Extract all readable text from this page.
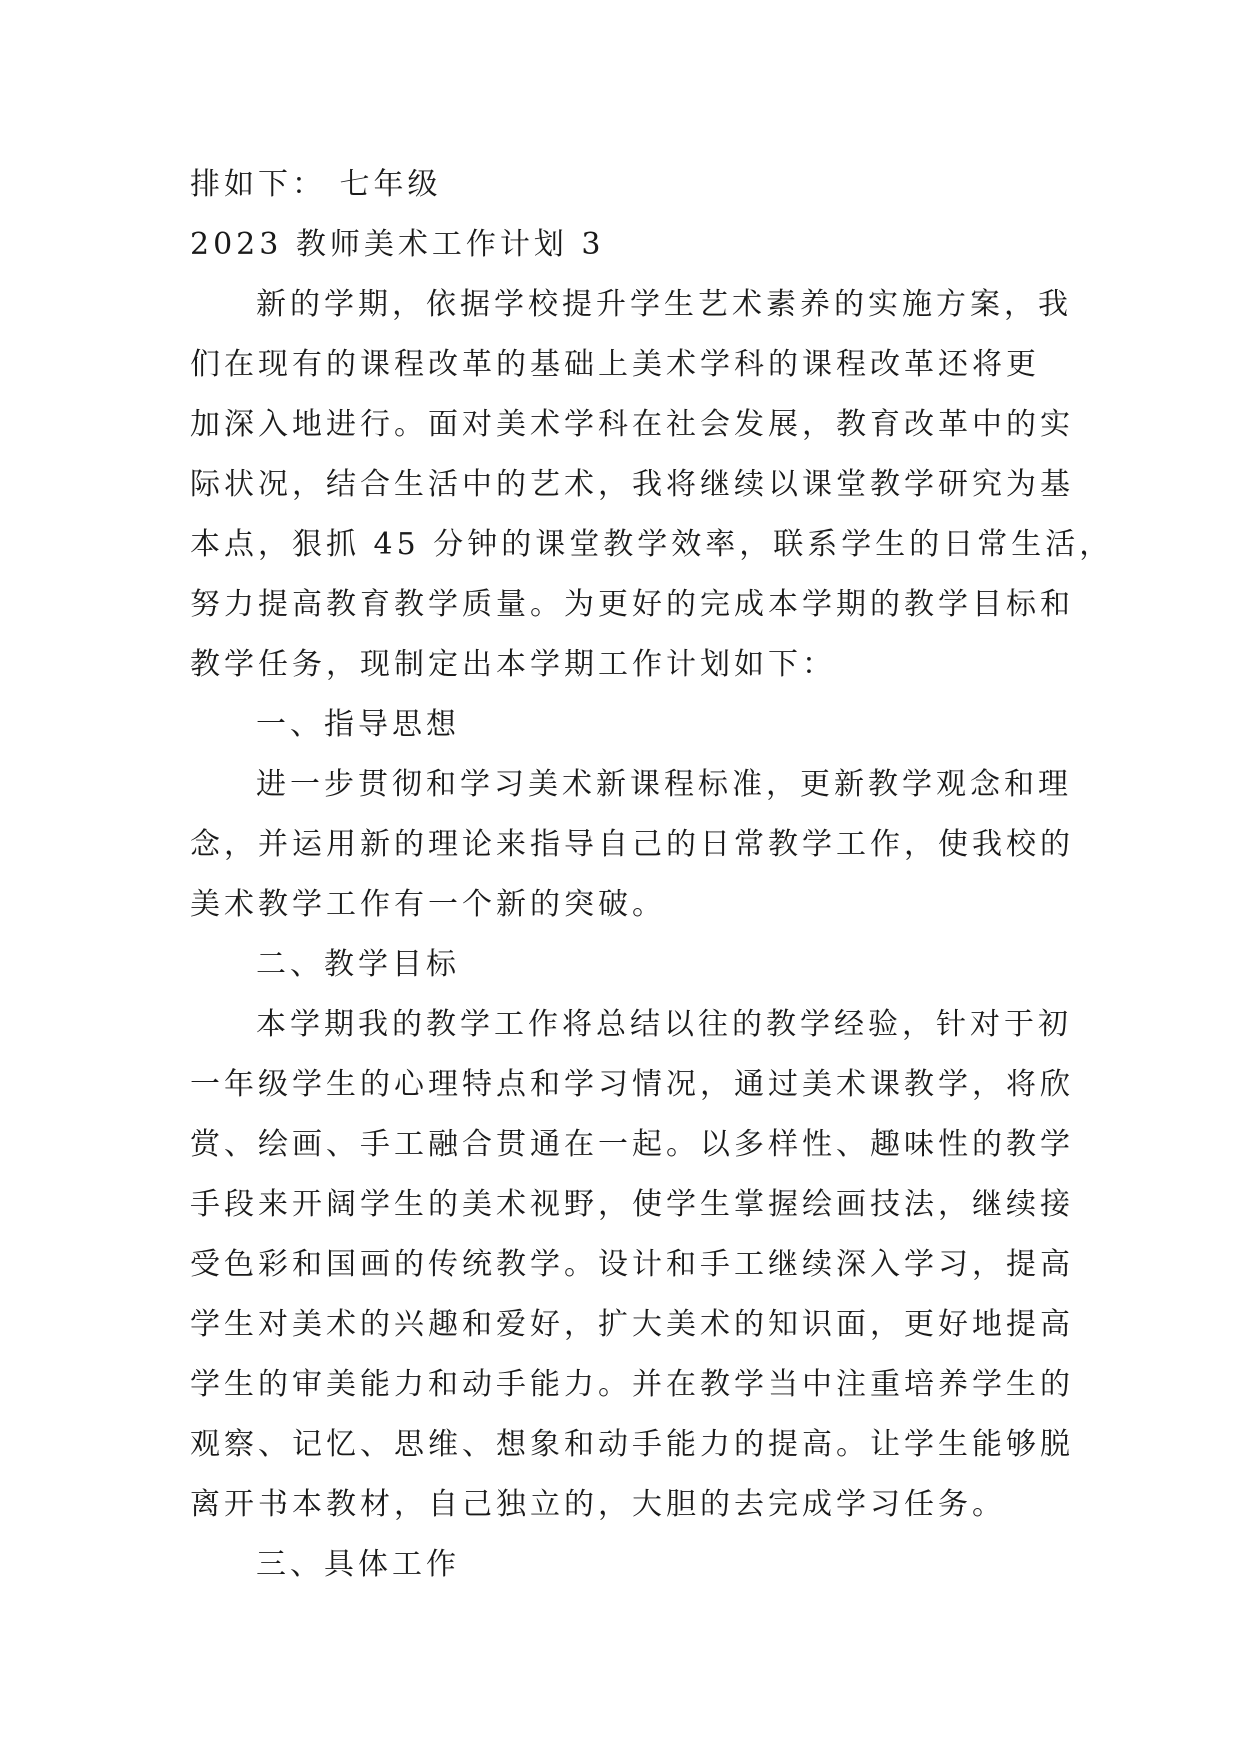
排如下： 七年级
2023 教师美术工作计划 3
新的学期，依据学校提升学生艺术素养的实施方案，我
们在现有的课程改革的基础上美术学科的课程改革还将更
加深入地进行。面对美术学科在社会发展，教育改革中的实
际状况，结合生活中的艺术，我将继续以课堂教学研究为基
本点，狠抓 45 分钟的课堂教学效率，联系学生的日常生活，
努力提高教育教学质量。为更好的完成本学期的教学目标和
教学任务，现制定出本学期工作计划如下：
一、指导思想
进一步贯彻和学习美术新课程标准，更新教学观念和理
念，并运用新的理论来指导自己的日常教学工作，使我校的
美术教学工作有一个新的突破。
二、教学目标
本学期我的教学工作将总结以往的教学经验，针对于初
一年级学生的心理特点和学习情况，通过美术课教学，将欣
赏、绘画、手工融合贯通在一起。以多样性、趣味性的教学
手段来开阔学生的美术视野，使学生掌握绘画技法，继续接
受色彩和国画的传统教学。设计和手工继续深入学习，提高
学生对美术的兴趣和爱好，扩大美术的知识面，更好地提高
学生的审美能力和动手能力。并在教学当中注重培养学生的
观察、记忆、思维、想象和动手能力的提高。让学生能够脱
离开书本教材，自己独立的，大胆的去完成学习任务。
三、具体工作
